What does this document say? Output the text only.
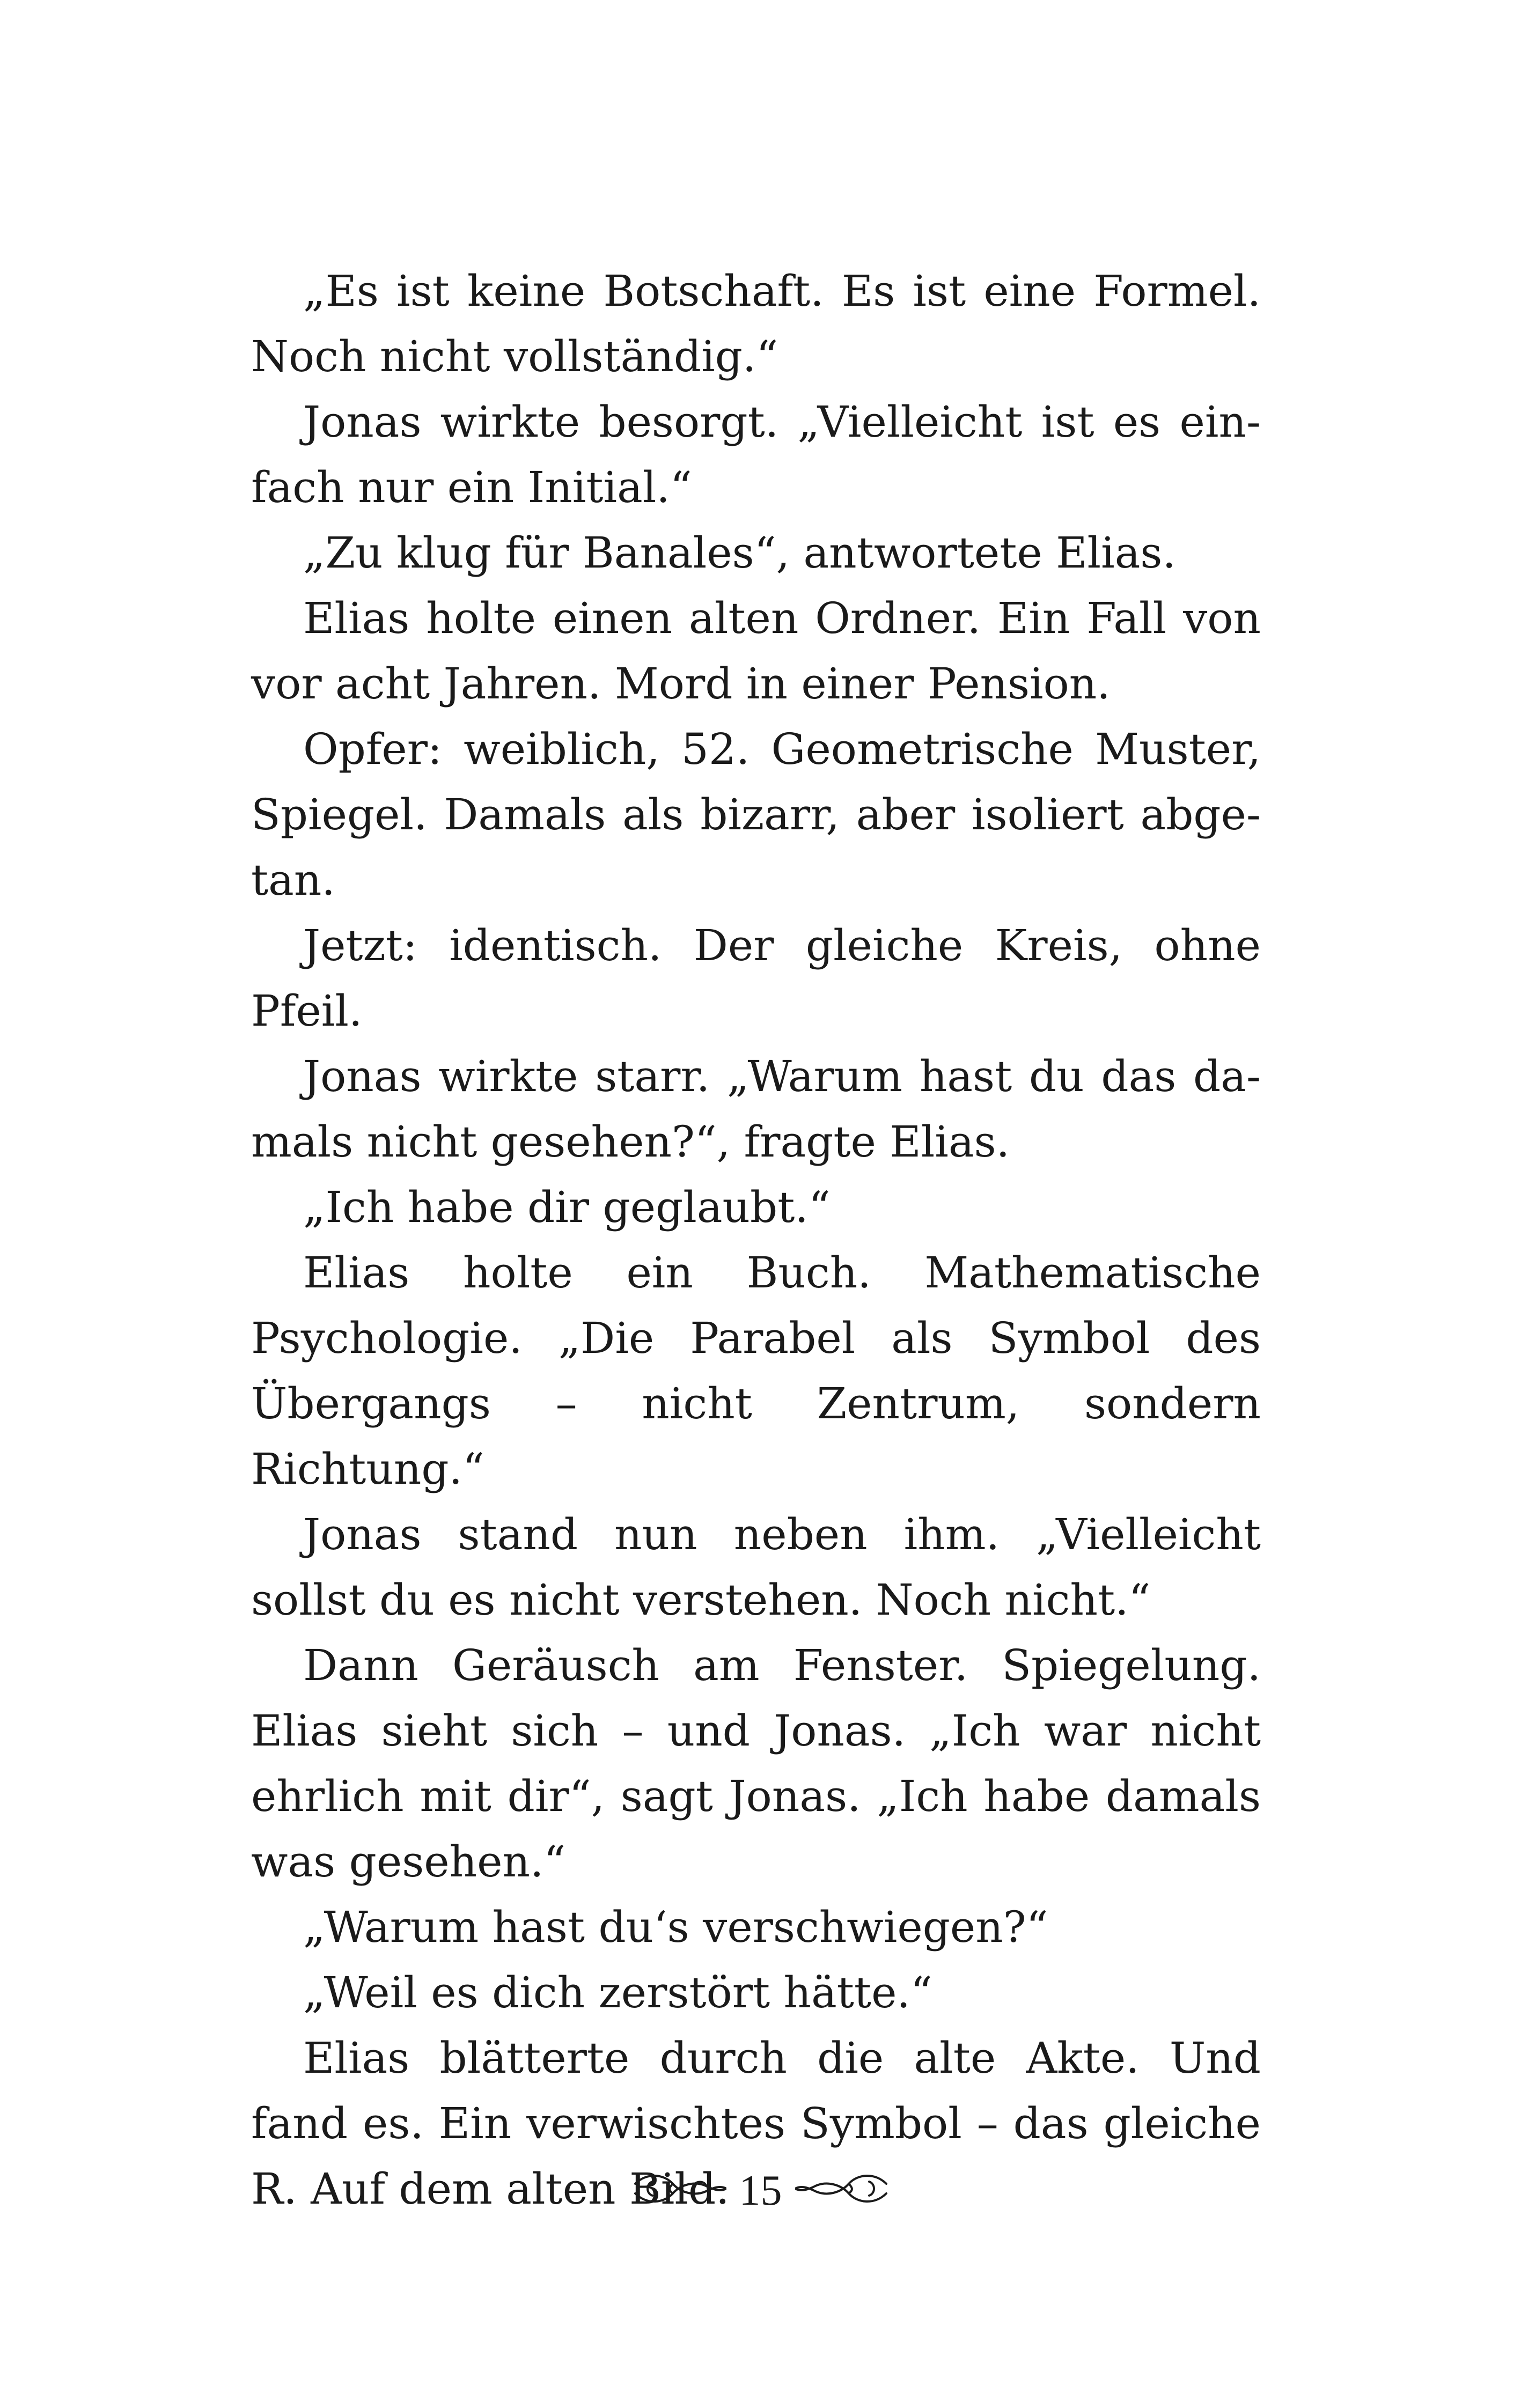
„Es ist keine Botschaft. Es ist eine Formel. Noch nicht vollständig.“

Jonas wirkte besorgt. „Vielleicht ist es einfach nur ein Initial.“

„Zu klug für Banales“, antwortete Elias.

Elias holte einen alten Ordner. Ein Fall von vor acht Jahren. Mord in einer Pension.

Opfer: weiblich, 52. Geometrische Muster, Spiegel. Damals als bizarr, aber isoliert abgetan.

Jetzt: identisch. Der gleiche Kreis, ohne Pfeil.

Jonas wirkte starr. „Warum hast du das damals nicht gesehen?“, fragte Elias.

„Ich habe dir geglaubt.“

Elias holte ein Buch. Mathematische Psychologie. „Die Parabel als Symbol des Übergangs – nicht Zentrum, sondern Richtung.“

Jonas stand nun neben ihm. „Vielleicht sollst du es nicht verstehen. Noch nicht.“

Dann Geräusch am Fenster. Spiegelung. Elias sieht sich – und Jonas. „Ich war nicht ehrlich mit dir“, sagt Jonas. „Ich habe damals was gesehen.“

„Warum hast du‘s verschwiegen?“

„Weil es dich zerstört hätte.“

Elias blätterte durch die alte Akte. Und fand es. Ein verwischtes Symbol – das gleiche R. Auf dem alten Bild. 15
